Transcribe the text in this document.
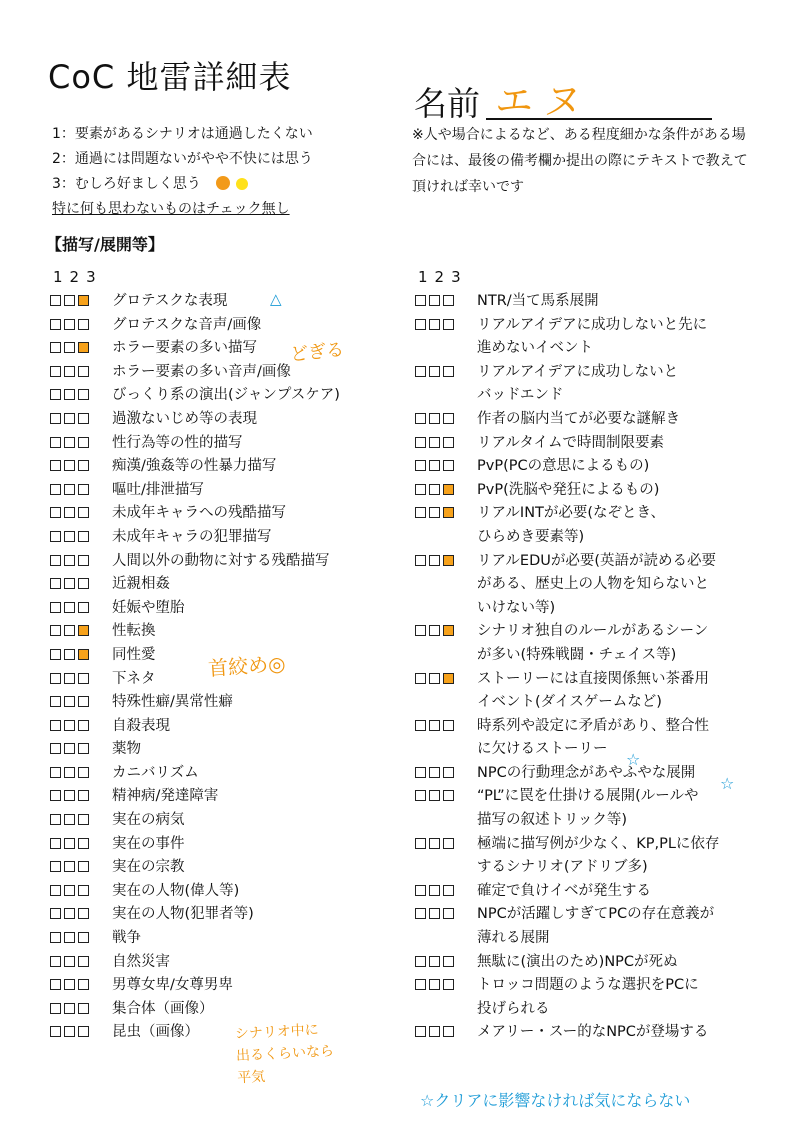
CoC 地雷詳細表
名前 エヌ
1：要素があるシナリオは通過したくない
2：通過には問題ないがやや不快には思う
3：むしろ好ましく思う
特に何も思わないものはチェック無し
※人や場合によるなど、ある程度細かな条件がある場合には、最後の備考欄か提出の際にテキストで教えて頂ければ幸いです
【描写/展開等】
123	123
グロテスクな表現
グロテスクな音声/画像
ホラー要素の多い描写
ホラー要素の多い音声/画像
びっくり系の演出(ジャンプスケア)
過激ないじめ等の表現
性行為等の性的描写
痴漢/強姦等の性暴力描写
嘔吐/排泄描写
未成年キャラへの残酷描写
未成年キャラの犯罪描写
人間以外の動物に対する残酷描写
近親相姦
妊娠や堕胎
性転換
同性愛
下ネタ
特殊性癖/異常性癖
自殺表現
薬物
カニバリズム
精神病/発達障害
実在の病気
実在の事件
実在の宗教
実在の人物(偉人等)
実在の人物(犯罪者等)
戦争
自然災害
男尊女卑/女尊男卑
集合体（画像）
昆虫（画像）
NTR/当て馬系展開
リアルアイデアに成功しないと先に
進めないイベント
リアルアイデアに成功しないと
バッドエンド
作者の脳内当てが必要な謎解き
リアルタイムで時間制限要素
PvP(PCの意思によるもの)
PvP(洗脳や発狂によるもの)
リアルINTが必要(なぞとき、
ひらめき要素等)
リアルEDUが必要(英語が読める必要
がある、歴史上の人物を知らないと
いけない等)
シナリオ独自のルールがあるシーン
が多い(特殊戦闘・チェイス等)
ストーリーには直接関係無い茶番用
イベント(ダイスゲームなど)
時系列や設定に矛盾があり、整合性
に欠けるストーリー
NPCの行動理念があやふやな展開
“PL”に罠を仕掛ける展開(ルールや
描写の叙述トリック等)
極端に描写例が少なく、KP,PLに依存
するシナリオ(アドリブ多)
確定で負けイベが発生する
NPCが活躍しすぎてPCの存在意義が
薄れる展開
無駄に(演出のため)NPCが死ぬ
トロッコ問題のような選択をPCに
投げられる
メアリー・スー的なNPCが登場する
△
どぎる
首絞め◎
シナリオ中に
出るくらいなら
平気
☆
☆
☆クリアに影響なければ気にならない
